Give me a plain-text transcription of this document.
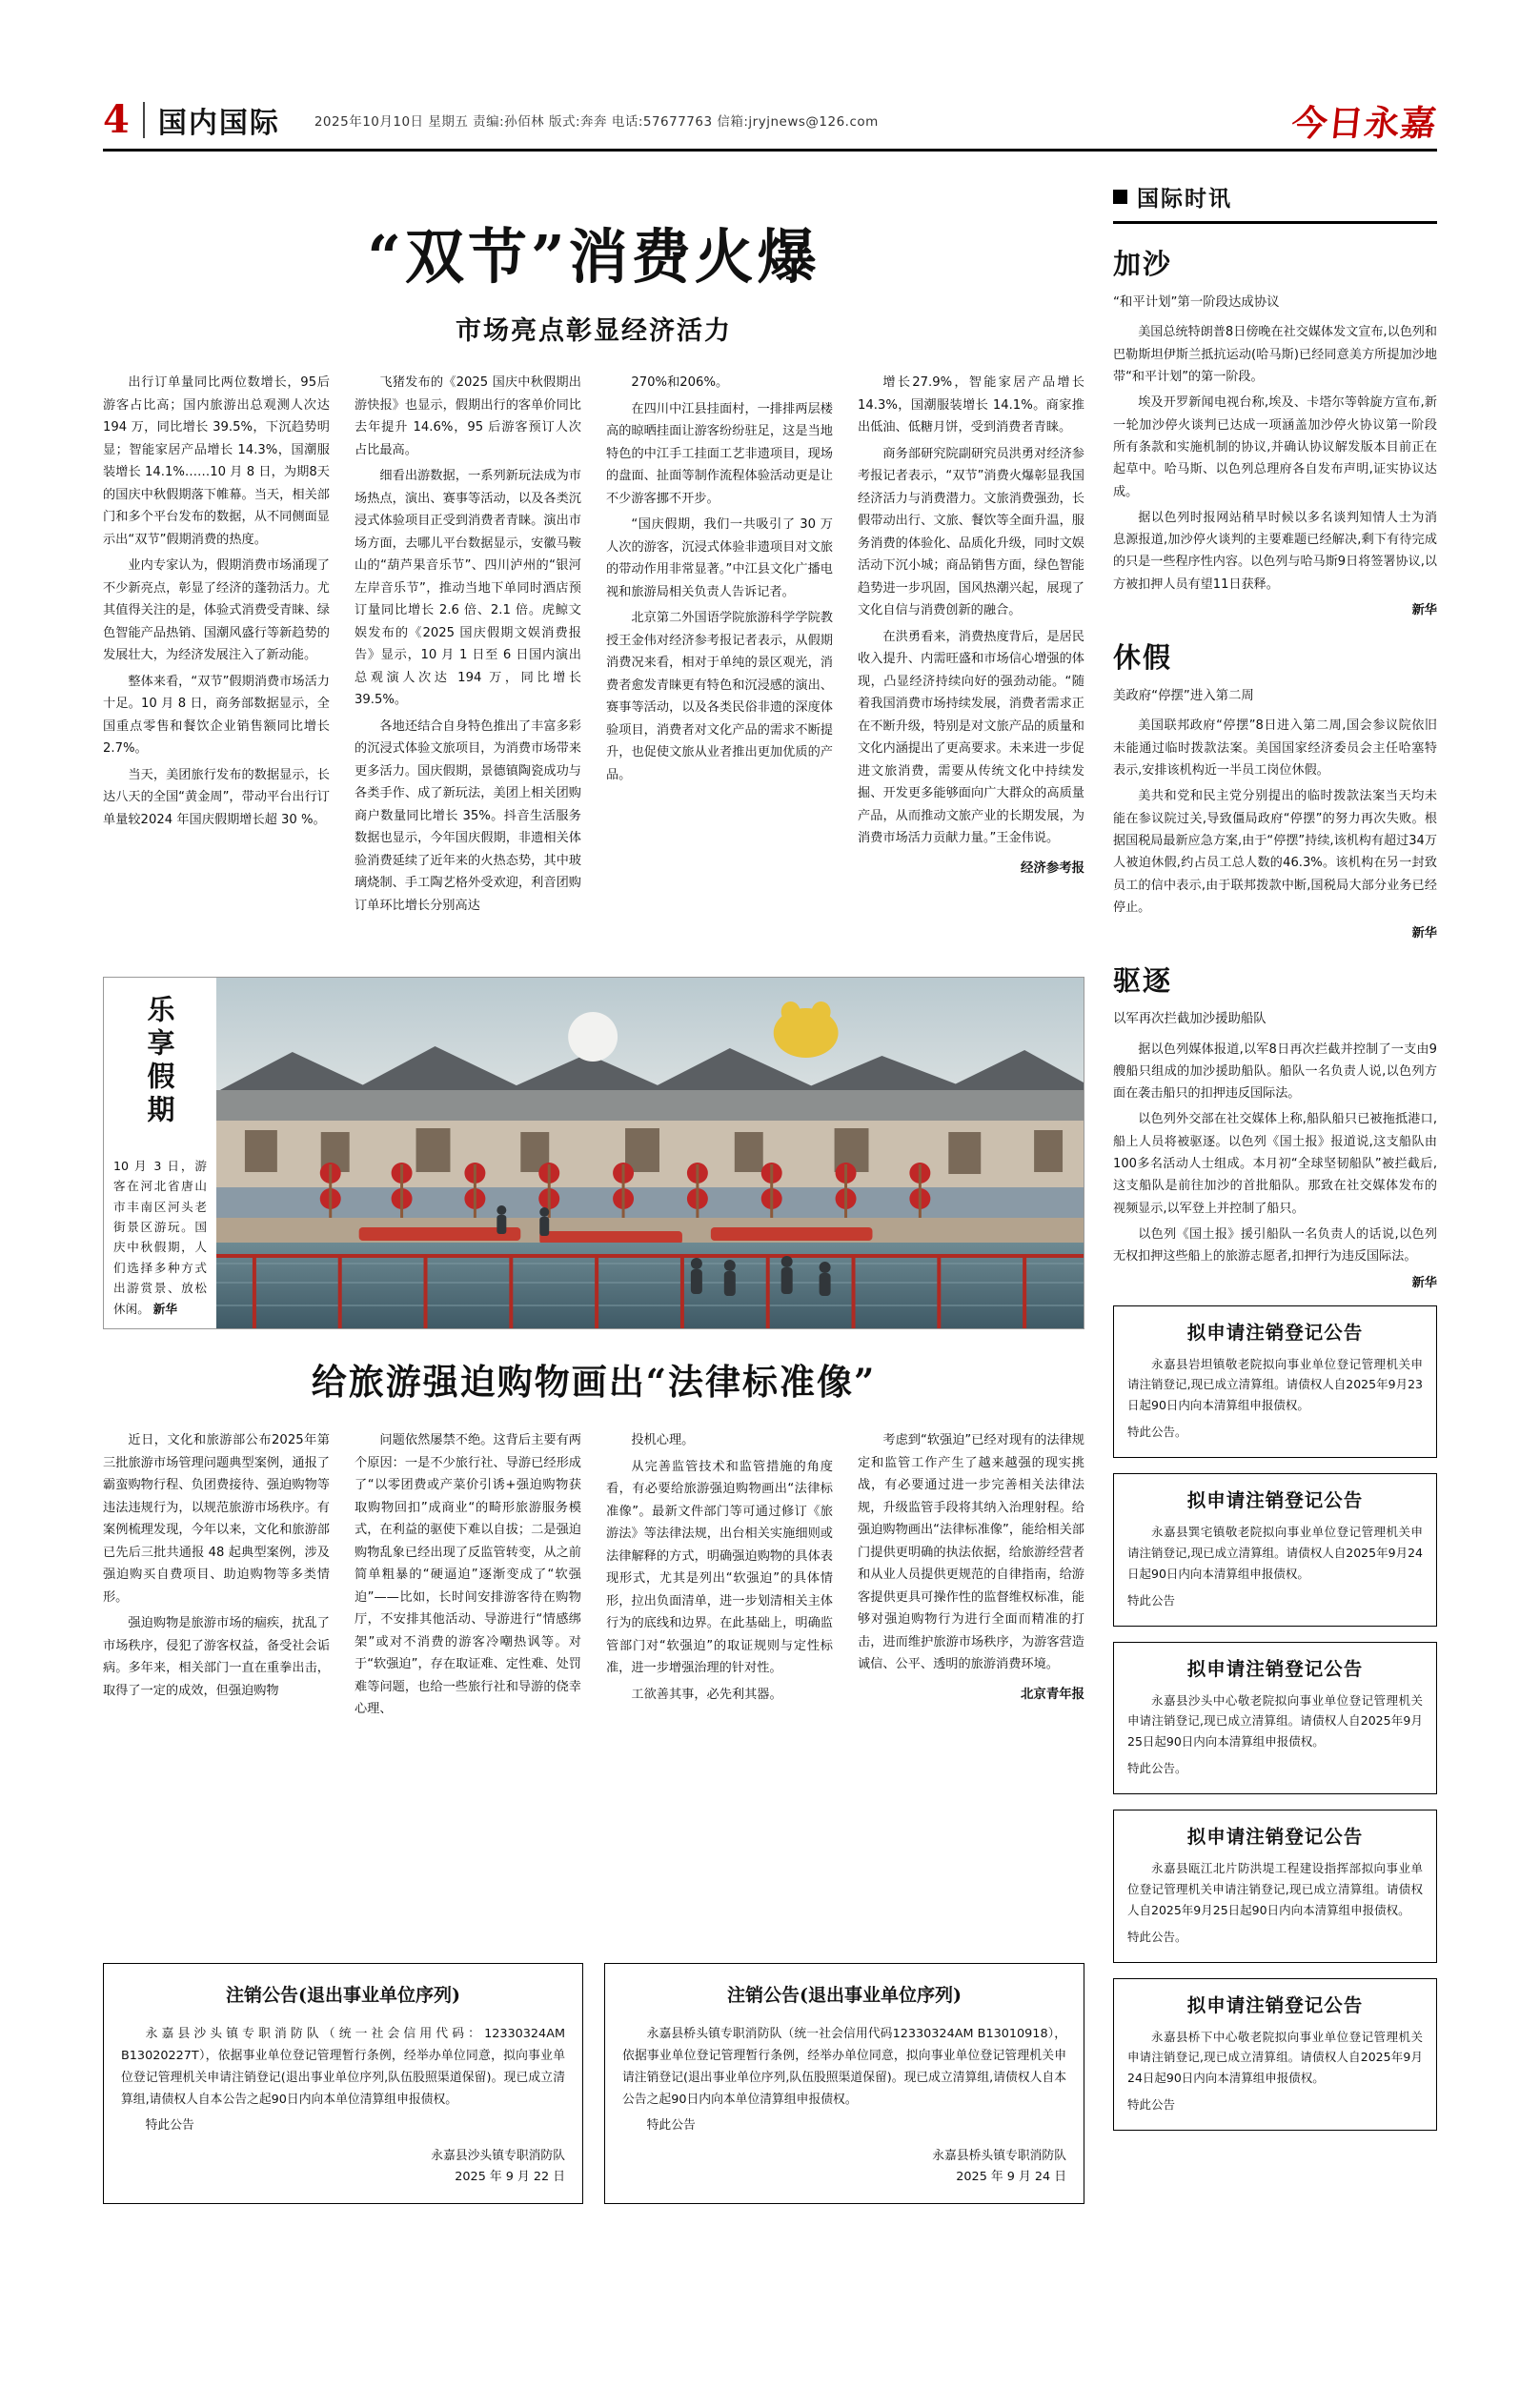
4 国内国际	2025年10月10日 星期五 责编:孙佰林 版式:奔奔 电话:57677763 信箱:jryjnews@126.com	今日永嘉
“双节”消费火爆
市场亮点彰显经济活力

出行订单量同比两位数增长，95后游客占比高；国内旅游出总观测人次达 194 万，同比增长 39.5%，下沉趋势明显；智能家居产品增长 14.3%，国潮服装增长 14.1%……10 月 8 日，为期8天的国庆中秋假期落下帷幕。当天，相关部门和多个平台发布的数据，从不同侧面显示出“双节”假期消费的热度。

业内专家认为，假期消费市场涌现了不少新亮点，彰显了经济的蓬勃活力。尤其值得关注的是，体验式消费受青睐、绿色智能产品热销、国潮风盛行等新趋势的发展壮大，为经济发展注入了新动能。

整体来看，“双节”假期消费市场活力十足。10 月 8 日，商务部数据显示，全国重点零售和餐饮企业销售额同比增长2.7%。

当天，美团旅行发布的数据显示，长达八天的全国“黄金周”，带动平台出行订单量较2024 年国庆假期增长超 30 %。

飞猪发布的《2025 国庆中秋假期出游快报》也显示，假期出行的客单价同比去年提升 14.6%，95 后游客预订人次占比最高。

细看出游数据，一系列新玩法成为市场热点，演出、赛事等活动，以及各类沉浸式体验项目正受到消费者青睐。演出市场方面，去哪儿平台数据显示，安徽马鞍山的“葫芦果音乐节”、四川泸州的“银河左岸音乐节”，推动当地下单同时酒店预订量同比增长 2.6 倍、2.1 倍。虎鲸文娱发布的《2025 国庆假期文娱消费报告》显示，10 月 1 日至 6 日国内演出总观演人次达 194 万，同比增长 39.5%。

各地还结合自身特色推出了丰富多彩的沉浸式体验文旅项目，为消费市场带来更多活力。国庆假期，景德镇陶瓷成功与各类手作、成了新玩法，美团上相关团购商户数量同比增长 35%。抖音生活服务数据也显示，今年国庆假期，非遗相关体验消费延续了近年来的火热态势，其中玻璃烧制、手工陶艺格外受欢迎，利音团购订单环比增长分别高达

270%和206%。

在四川中江县挂面村，一排排两层楼高的晾晒挂面让游客纷纷驻足，这是当地特色的中江手工挂面工艺非遗项目，现场的盘面、扯面等制作流程体验活动更是让不少游客挪不开步。

“国庆假期，我们一共吸引了 30 万人次的游客，沉浸式体验非遗项目对文旅的带动作用非常显著。”中江县文化广播电视和旅游局相关负责人告诉记者。

北京第二外国语学院旅游科学学院教授王金伟对经济参考报记者表示，从假期消费况来看，相对于单纯的景区观光，消费者愈发青睐更有特色和沉浸感的演出、赛事等活动，以及各类民俗非遗的深度体验项目，消费者对文化产品的需求不断提升，也促使文旅从业者推出更加优质的产品。

增长27.9%，智能家居产品增长 14.3%，国潮服装增长 14.1%。商家推出低油、低糖月饼，受到消费者青睐。

商务部研究院副研究员洪勇对经济参考报记者表示，“双节”消费火爆彰显我国经济活力与消费潜力。文旅消费强劲，长假带动出行、文旅、餐饮等全面升温，服务消费的体验化、品质化升级，同时文娱活动下沉小城；商品销售方面，绿色智能趋势进一步巩固，国风热潮兴起，展现了文化自信与消费创新的融合。

在洪勇看来，消费热度背后，是居民收入提升、内需旺盛和市场信心增强的体现，凸显经济持续向好的强劲动能。“随着我国消费市场持续发展，消费者需求正在不断升级，特别是对文旅产品的质量和文化内涵提出了更高要求。未来进一步促进文旅消费，需要从传统文化中持续发掘、开发更多能够面向广大群众的高质量产品，从而推动文旅产业的长期发展，为消费市场活力贡献力量。”王金伟说。

经济参考报
乐享假期
10 月 3 日，游客在河北省唐山市丰南区河头老街景区游玩。国庆中秋假期，人们选择多种方式出游赏景、放松休闲。 新华
给旅游强迫购物画出“法律标准像”

近日，文化和旅游部公布2025年第三批旅游市场管理问题典型案例，通报了霸蛮购物行程、负团费接待、强迫购物等违法违规行为，以规范旅游市场秩序。有案例梳理发现，今年以来，文化和旅游部已先后三批共通报 48 起典型案例，涉及强迫购买自费项目、助迫购物等多类情形。

强迫购物是旅游市场的痼疾，扰乱了市场秩序，侵犯了游客权益，备受社会诟病。多年来，相关部门一直在重拳出击，取得了一定的成效，但强迫购物

问题依然屡禁不绝。这背后主要有两个原因：一是不少旅行社、导游已经形成了“以零团费或产菜价引诱+强迫购物获取购物回扣”成商业“的畸形旅游服务模式，在利益的驱使下难以自拔；二是强迫购物乱象已经出现了反监管转变，从之前简单粗暴的“硬逼迫”逐渐变成了“软强迫”——比如，长时间安排游客待在购物厅，不安排其他活动、导游进行“情感绑架”或对不消费的游客冷嘲热讽等。对于“软强迫”，存在取证难、定性难、处罚难等问题，也给一些旅行社和导游的侥幸心理、

投机心理。

从完善监管技术和监管措施的角度看，有必要给旅游强迫购物画出“法律标准像”。最新文件部门等可通过修订《旅游法》等法律法规，出台相关实施细则或法律解释的方式，明确强迫购物的具体表现形式，尤其是列出“软强迫”的具体情形，拉出负面清单，进一步划清相关主体行为的底线和边界。在此基础上，明确监管部门对“软强迫”的取证规则与定性标准，进一步增强治理的针对性。

工欲善其事，必先利其器。

考虑到“软强迫”已经对现有的法律规定和监管工作产生了越来越强的现实挑战，有必要通过进一步完善相关法律法规，升级监管手段将其纳入治理射程。给强迫购物画出“法律标准像”，能给相关部门提供更明确的执法依据，给旅游经营者和从业人员提供更规范的自律指南，给游客提供更具可操作性的监督维权标准，能够对强迫购物行为进行全面而精准的打击，进而维护旅游市场秩序，为游客营造诚信、公平、透明的旅游消费环境。

北京青年报
注销公告(退出事业单位序列)

永嘉县沙头镇专职消防队（统一社会信用代码：12330324AM B13020227T），依据事业单位登记管理暂行条例，经举办单位同意，拟向事业单位登记管理机关申请注销登记(退出事业单位序列,队伍股照渠道保留)。现已成立清算组,请债权人自本公告之起90日内向本单位清算组申报债权。

特此公告

永嘉县沙头镇专职消防队
2025 年 9 月 22 日
注销公告(退出事业单位序列)

永嘉县桥头镇专职消防队（统一社会信用代码12330324AM B13010918），依据事业单位登记管理暂行条例，经举办单位同意，拟向事业单位登记管理机关申请注销登记(退出事业单位序列,队伍股照渠道保留)。现已成立清算组,请债权人自本公告之起90日内向本单位清算组申报债权。

特此公告

永嘉县桥头镇专职消防队
2025 年 9 月 24 日
国际时讯
加沙
“和平计划”第一阶段达成协议

美国总统特朗普8日傍晚在社交媒体发文宣布,以色列和巴勒斯坦伊斯兰抵抗运动(哈马斯)已经同意美方所提加沙地带“和平计划”的第一阶段。

埃及开罗新闻电视台称,埃及、卡塔尔等斡旋方宣布,新一轮加沙停火谈判已达成一项涵盖加沙停火协议第一阶段所有条款和实施机制的协议,并确认协议解发版本目前正在起草中。哈马斯、以色列总理府各自发布声明,证实协议达成。

据以色列时报网站稍早时候以多名谈判知情人士为消息源报道,加沙停火谈判的主要难题已经解决,剩下有待完成的只是一些程序性内容。以色列与哈马斯9日将签署协议,以方被扣押人员有望11日获释。

新华
休假
美政府“停摆”进入第二周

美国联邦政府“停摆”8日进入第二周,国会参议院依旧未能通过临时拨款法案。美国国家经济委员会主任哈塞特表示,安排该机构近一半员工岗位休假。

美共和党和民主党分别提出的临时拨款法案当天均未能在参议院过关,导致僵局政府“停摆”的努力再次失败。根据国税局最新应急方案,由于“停摆”持续,该机构有超过34万人被迫休假,约占员工总人数的46.3%。该机构在另一封致员工的信中表示,由于联邦拨款中断,国税局大部分业务已经停止。

新华
驱逐
以军再次拦截加沙援助船队

据以色列媒体报道,以军8日再次拦截并控制了一支由9艘船只组成的加沙援助船队。船队一名负责人说,以色列方面在袭击船只的扣押违反国际法。

以色列外交部在社交媒体上称,船队船只已被拖抵港口,船上人员将被驱逐。以色列《国土报》报道说,这支船队由100多名活动人士组成。本月初“全球坚韧船队”被拦截后,这支船队是前往加沙的首批船队。那致在社交媒体发布的视频显示,以军登上并控制了船只。

以色列《国土报》援引船队一名负责人的话说,以色列无权扣押这些船上的旅游志愿者,扣押行为违反国际法。

新华
拟申请注销登记公告

永嘉县岩坦镇敬老院拟向事业单位登记管理机关申请注销登记,现已成立清算组。请债权人自2025年9月23日起90日内向本清算组申报债权。

特此公告。

拟申请注销登记公告

永嘉县巽宅镇敬老院拟向事业单位登记管理机关申请注销登记,现已成立清算组。请债权人自2025年9月24日起90日内向本清算组申报债权。

特此公告

拟申请注销登记公告

永嘉县沙头中心敬老院拟向事业单位登记管理机关申请注销登记,现已成立清算组。请债权人自2025年9月25日起90日内向本清算组申报债权。

特此公告。

拟申请注销登记公告

永嘉县瓯江北片防洪堤工程建设指挥部拟向事业单位登记管理机关申请注销登记,现已成立清算组。请债权人自2025年9月25日起90日内向本清算组申报债权。

特此公告。

拟申请注销登记公告

永嘉县桥下中心敬老院拟向事业单位登记管理机关申请注销登记,现已成立清算组。请债权人自2025年9月24日起90日内向本清算组申报债权。

特此公告
